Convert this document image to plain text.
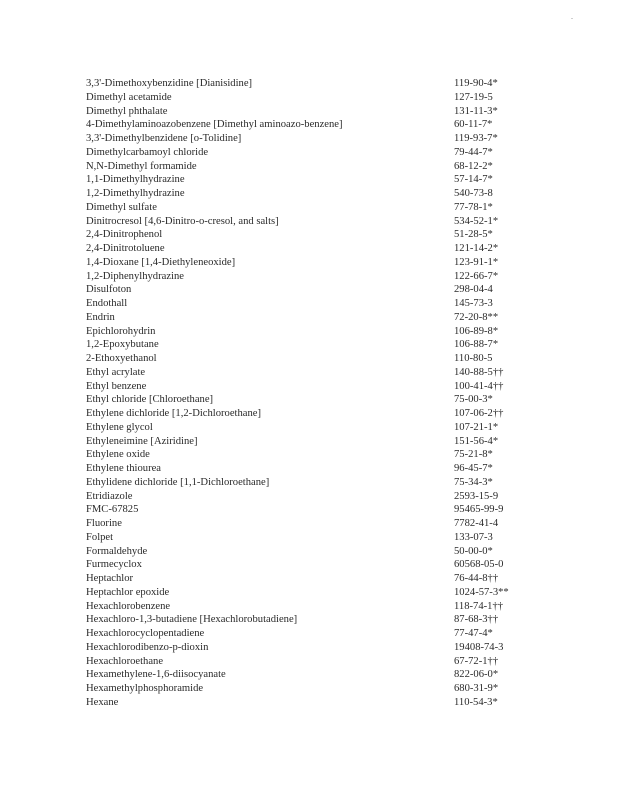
3,3'-Dimethoxybenzidine [Dianisidine]	119-90-4*
Dimethyl acetamide	127-19-5
Dimethyl phthalate	131-11-3*
4-Dimethylaminoazobenzene [Dimethyl aminoazo-benzene]	60-11-7*
3,3'-Dimethylbenzidene [o-Tolidine]	119-93-7*
Dimethylcarbamoyl chloride	79-44-7*
N,N-Dimethyl formamide	68-12-2*
1,1-Dimethylhydrazine	57-14-7*
1,2-Dimethylhydrazine	540-73-8
Dimethyl sulfate	77-78-1*
Dinitrocresol [4,6-Dinitro-o-cresol, and salts]	534-52-1*
2,4-Dinitrophenol	51-28-5*
2,4-Dinitrotoluene	121-14-2*
1,4-Dioxane [1,4-Diethyleneoxide]	123-91-1*
1,2-Diphenylhydrazine	122-66-7*
Disulfoton	298-04-4
Endothall	145-73-3
Endrin	72-20-8**
Epichlorohydrin	106-89-8*
1,2-Epoxybutane	106-88-7*
2-Ethoxyethanol	110-80-5
Ethyl acrylate	140-88-5††
Ethyl benzene	100-41-4††
Ethyl chloride [Chloroethane]	75-00-3*
Ethylene dichloride [1,2-Dichloroethane]	107-06-2††
Ethylene glycol	107-21-1*
Ethyleneimine [Aziridine]	151-56-4*
Ethylene oxide	75-21-8*
Ethylene thiourea	96-45-7*
Ethylidene dichloride [1,1-Dichloroethane]	75-34-3*
Etridiazole	2593-15-9
FMC-67825	95465-99-9
Fluorine	7782-41-4
Folpet	133-07-3
Formaldehyde	50-00-0*
Furmecyclox	60568-05-0
Heptachlor	76-44-8††
Heptachlor epoxide	1024-57-3**
Hexachlorobenzene	118-74-1††
Hexachloro-1,3-butadiene [Hexachlorobutadiene]	87-68-3††
Hexachlorocyclopentadiene	77-47-4*
Hexachlorodibenzo-p-dioxin	19408-74-3
Hexachloroethane	67-72-1††
Hexamethylene-1,6-diisocyanate	822-06-0*
Hexamethylphosphoramide	680-31-9*
Hexane	110-54-3*
